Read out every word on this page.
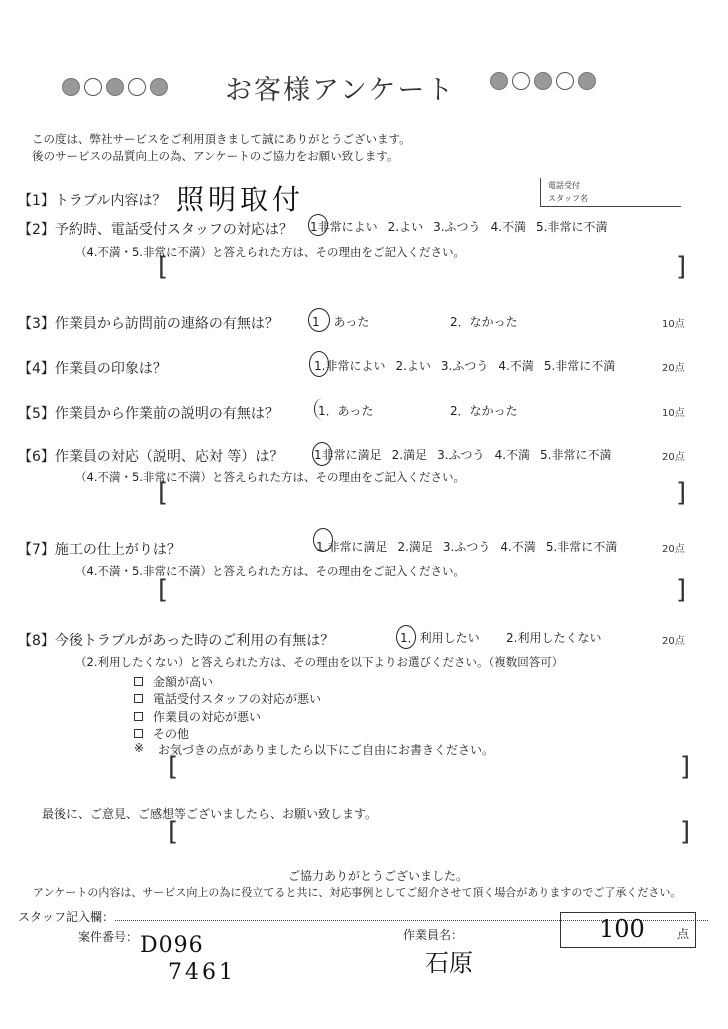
お客様アンケート
この度は、弊社サービスをご利用頂きまして誠にありがとうございます。
後のサービスの品質向上の為、アンケートのご協力をお願い致します。
【1】トラブル内容は？ 照明取付	電話受付
スタッフ名
【2】予約時、電話受付スタッフの対応は？ 1非常によい 2.よい 3.ふつう 4.不満 5.非常に不満
（4.不満・5.非常に不満）と答えられた方は、その理由をご記入ください。
[	]
【3】作業員から訪問前の連絡の有無は？	1 あった	2．なかった	10点
【4】作業員の印象は？	1.非常によい 2.よい 3.ふつう 4.不満 5.非常に不満	20点
【5】作業員から作業前の説明の有無は？	1．あった	2．なかった	10点
【6】作業員の対応（説明、応対 等）は？	1非常に満足 2.満足 3.ふつう 4.不満 5.非常に不満	20点
（4.不満・5.非常に不満）と答えられた方は、その理由をご記入ください。
[	]
【7】施工の仕上がりは？	1.非常に満足 2.満足 3.ふつう 4.不満 5.非常に不満	20点
（4.不満・5.非常に不満）と答えられた方は、その理由をご記入ください。
[	]
【8】今後トラブルがあった時のご利用の有無は？	1．利用したい 2.利用したくない	20点
（2.利用したくない）と答えられた方は、その理由を以下よりお選びください。（複数回答可）
金額が高い
電話受付スタッフの対応が悪い
作業員の対応が悪い
その他
※ お気づきの点がありましたら以下にご自由にお書きください。
[	]
最後に、ご意見、ご感想等ございましたら、お願い致します。
[	]
ご協力ありがとうございました。
アンケートの内容は、サービス向上の為に役立てると共に、対応事例としてご紹介させて頂く場合がありますのでご了承ください。
スタッフ記入欄：
案件番号： D096
7461
作業員名：
石原
100	点
